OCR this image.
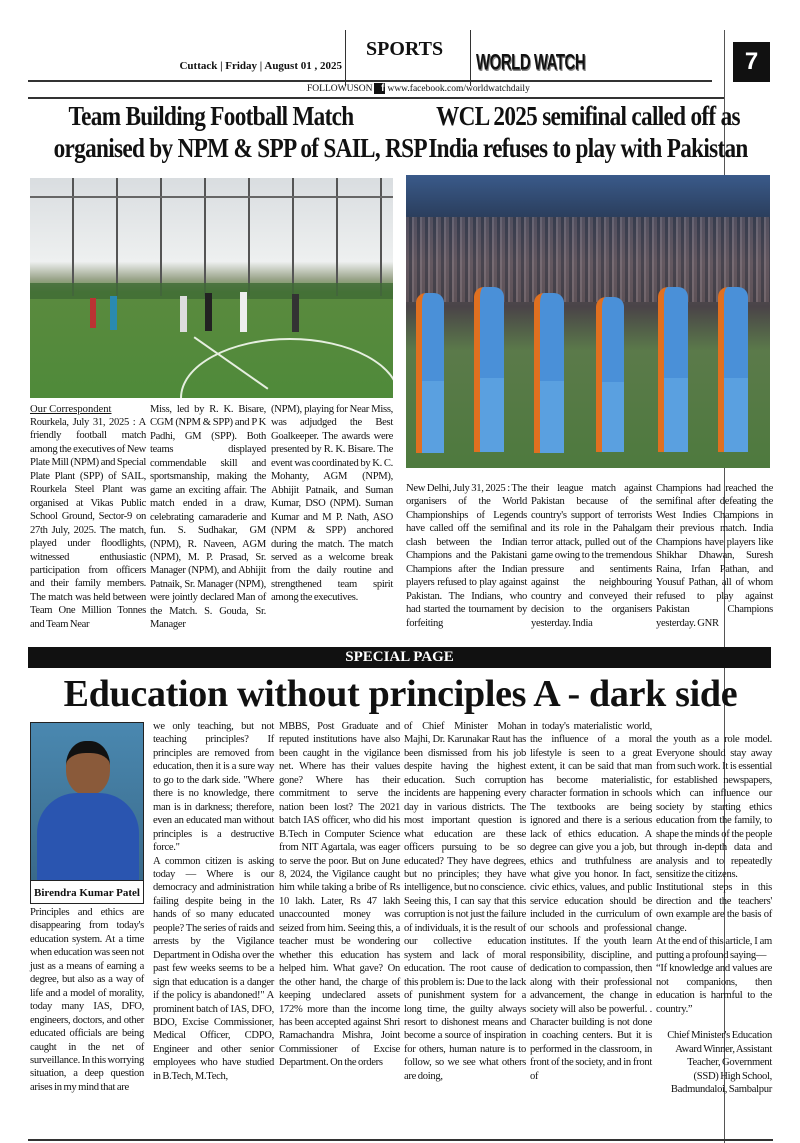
Cuttack | Friday | August 01 , 2025
SPORTS
WORLD WATCH	7
FOLLOWUSON f www.facebook.com/worldwatchdaily
Team Building Football Match
organised by NPM & SPP of SAIL, RSP
Our Correspondent
Rourkela, July 31, 2025 : A friendly football match among the executives of New Plate Mill (NPM) and Special Plate Plant (SPP) of SAIL, Rourkela Steel Plant was organised at Vikas Public School Ground, Sector-9 on 27th July, 2025. The match, played under floodlights, witnessed enthusiastic participation from officers and their family members. The match was held between Team One Million Tonnes and Team Near
Miss, led by R. K. Bisare, CGM (NPM & SPP) and P K Padhi, GM (SPP). Both teams displayed commendable skill and sportsmanship, making the game an exciting affair. The match ended in a draw, celebrating camaraderie and fun. S. Sudhakar, GM (NPM), R. Naveen, AGM (NPM), M. P. Prasad, Sr. Manager (NPM), and Abhijit Patnaik, Sr. Manager (NPM), were jointly declared Man of the Match. S. Gouda, Sr. Manager
(NPM), playing for Near Miss, was adjudged the Best Goalkeeper. The awards were presented by R. K. Bisare. The event was coordinated by K. C. Mohanty, AGM (NPM), Abhijit Patnaik, and Suman Kumar, DSO (NPM). Suman Kumar and M P. Nath, ASO (NPM & SPP) anchored during the match. The match served as a welcome break from the daily routine and strengthened team spirit among the executives.
WCL 2025 semifinal called off as
India refuses to play with Pakistan
New Delhi, July 31, 2025 : The organisers of the World Championships of Legends have called off the semifinal clash between the Indian Champions and the Pakistani Champions after the Indian players refused to play against Pakistan. The Indians, who had started the tournament by forfeiting
their league match against Pakistan because of the country's support of terrorists and its role in the Pahalgam terror attack, pulled out of the game owing to the tremendous pressure and sentiments against the neighbouring country and conveyed their decision to the organisers yesterday. India
Champions had reached the semifinal after defeating the West Indies Champions in their previous match. India Champions have players like Shikhar Dhawan, Suresh Raina, Irfan Pathan, and Yousuf Pathan, all of whom refused to play against Pakistan Champions yesterday. GNR
SPECIAL PAGE
Education without principles A - dark side
Birendra Kumar Patel
Principles and ethics are disappearing from today's education system. At a time when education was seen not just as a means of earning a degree, but also as a way of life and a model of morality, today many IAS, DFO, engineers, doctors, and other educated officials are being caught in the net of surveillance. In this worrying situation, a deep question arises in my mind that are
we only teaching, but not teaching principles? If principles are removed from education, then it is a sure way to go to the dark side. "Where there is no knowledge, there man is in darkness; therefore, even an educated man without principles is a destructive force."
A common citizen is asking today — Where is our democracy and administration failing despite being in the hands of so many educated people? The series of raids and arrests by the Vigilance Department in Odisha over the past few weeks seems to be a sign that education is a danger if the policy is abandoned!" A prominent batch of IAS, DFO, BDO, Excise Commissioner, Medical Officer, CDPO, Engineer and other senior employees who have studied in B.Tech, M.Tech,
MBBS, Post Graduate and reputed institutions have also been caught in the vigilance net. Where has their values gone? Where has their commitment to serve the nation been lost? The 2021 batch IAS officer, who did his B.Tech in Computer Science from NIT Agartala, was eager to serve the poor. But on June 8, 2024, the Vigilance caught him while taking a bribe of Rs 10 lakh. Later, Rs 47 lakh unaccounted money was seized from him. Seeing this, a teacher must be wondering whether this education has helped him. What gave? On the other hand, the charge of keeping undeclared assets 172% more than the income has been accepted against Shri Ramachandra Mishra, Joint Commissioner of Excise Department. On the orders
of Chief Minister Mohan Majhi, Dr. Karunakar Raut has been dismissed from his job despite having the highest education. Such corruption incidents are happening every day in various districts. The most important question is what education are these officers pursuing to be so educated? They have degrees, but no principles; they have intelligence, but no conscience. Seeing this, I can say that this corruption is not just the failure of individuals, it is the result of our collective education system and lack of moral education. The root cause of this problem is: Due to the lack of punishment system for a long time, the guilty always resort to dishonest means and become a source of inspiration for others, human nature is to follow, so we see what others are doing,
in today's materialistic world, the influence of a moral lifestyle is seen to a great extent, it can be said that man has become materialistic, character formation in schools The textbooks are being ignored and there is a serious lack of ethics education. A degree can give you a job, but ethics and truthfulness are what give you honor. In fact, civic ethics, values, and public service education should be included in the curriculum of our schools and professional institutes. If the youth learn responsibility, discipline, and dedication to compassion, then along with their professional advancement, the change in society will also be powerful. . Character building is not done in coaching centers. But it is performed in the classroom, in front of the society, and in front of

the youth as a role model. Everyone should stay away from such work. It is essential for established newspapers, which can influence our society by starting ethics education from the family, to shape the minds of the people through in-depth data and analysis and to repeatedly sensitize the citizens.
Institutional steps in this direction and the teachers' own example are the basis of change.
At the end of this article, I am putting a profound saying—
“If knowledge and values are not companions, then education is harmful to the country.”

Chief Minister's Education Award Winner, Assistant Teacher, Government (SSD) High School, Badmundaloi, Sambalpur
